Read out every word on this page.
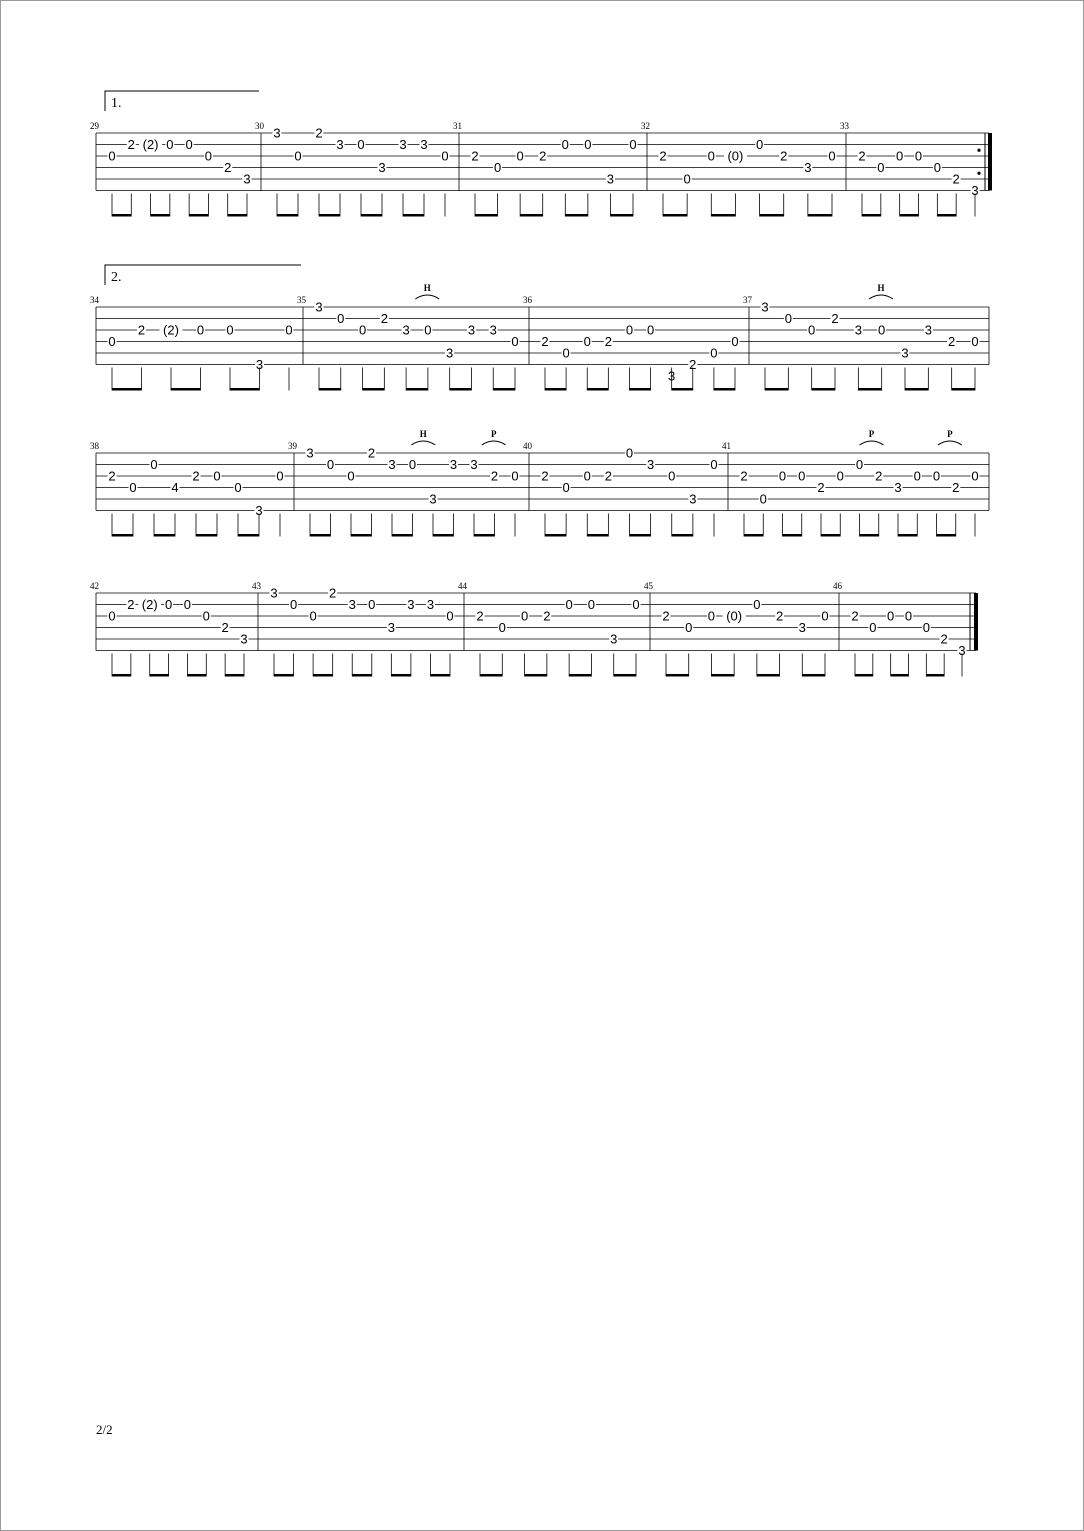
1.
29
0
2 (2) 0 0
0
2
3
30 3
0
2
3 0
3
3 3
0
31
2
0
0 2
0 0
3
0
32
2
0
0 (0)
0
2
3
0
33
2
0
0 0
0
2
3
2.
34
0
2 (2) 0 0
3
0
35 3
0
0
2
3 0
3
3 3
0
H
36
2
0
0 2
0 0
3
2
0
0
37 3
0
0
2
3 0
3
3
2 0
H
38
2
0
0
4
2 0
0
3
0
39 3
0
0
2
3 0
3
3 3
2 0
H	P
40
2
0
0 2
0
3
0
3
0
41
2
0
0 0
2
0
0
2
3
0 0
2
0
P	P
42
0
2 (2) 0 0
0
2
3
43 3
0
0
2
3 0
3
3 3
0
44
2
0
0 2
0 0
3
0
45
2
0
0 (0)
0
2
3
0
46
2
0
0 0
0
2
3
2/2
